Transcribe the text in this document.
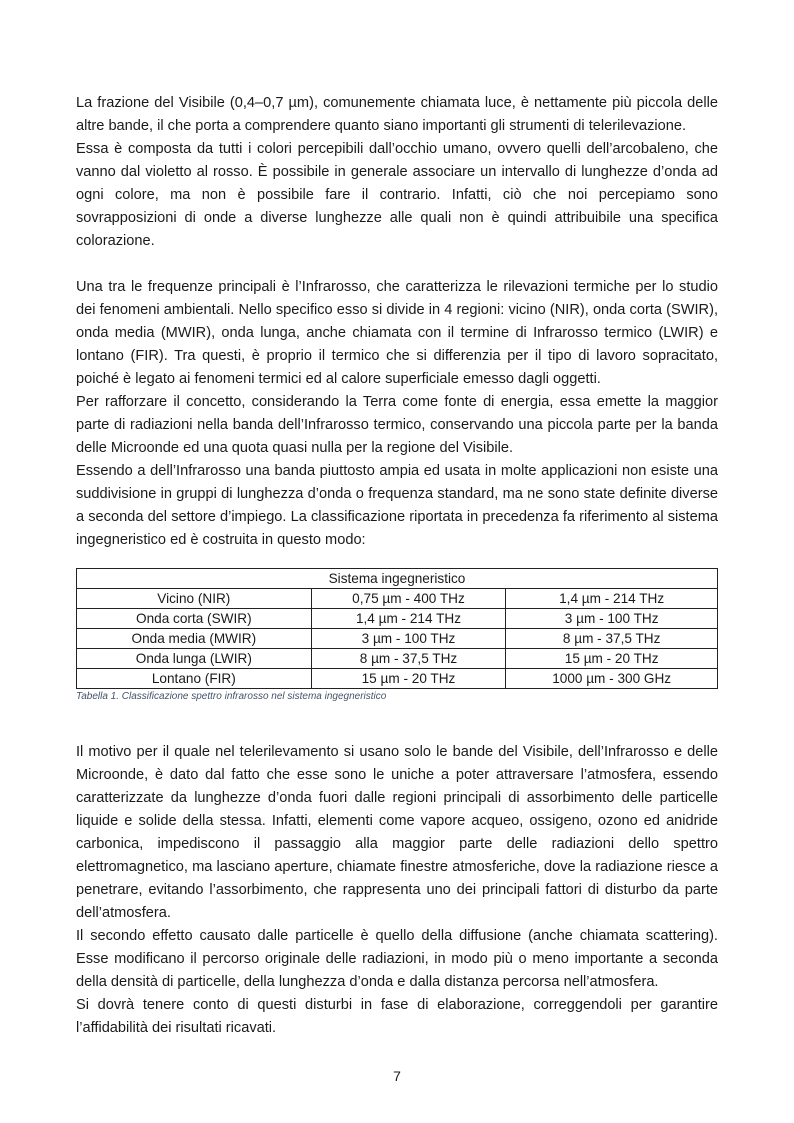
La frazione del Visibile (0,4–0,7 µm), comunemente chiamata luce, è nettamente più piccola delle altre bande, il che porta a comprendere quanto siano importanti gli strumenti di telerilevazione.

Essa è composta da tutti i colori percepibili dall’occhio umano, ovvero quelli dell’arcobaleno, che vanno dal violetto al rosso. È possibile in generale associare un intervallo di lunghezze d’onda ad ogni colore, ma non è possibile fare il contrario. Infatti, ciò che noi percepiamo sono sovrapposizioni di onde a diverse lunghezze alle quali non è quindi attribuibile una specifica colorazione.

Una tra le frequenze principali è l’Infrarosso, che caratterizza le rilevazioni termiche per lo studio dei fenomeni ambientali. Nello specifico esso si divide in 4 regioni: vicino (NIR), onda corta (SWIR), onda media (MWIR), onda lunga, anche chiamata con il termine di Infrarosso termico (LWIR) e lontano (FIR). Tra questi, è proprio il termico che si differenzia per il tipo di lavoro sopracitato, poiché è legato ai fenomeni termici ed al calore superficiale emesso dagli oggetti.

Per rafforzare il concetto, considerando la Terra come fonte di energia, essa emette la maggior parte di radiazioni nella banda dell’Infrarosso termico, conservando una piccola parte per la banda delle Microonde ed una quota quasi nulla per la regione del Visibile.

Essendo a dell’Infrarosso una banda piuttosto ampia ed usata in molte applicazioni non esiste una suddivisione in gruppi di lunghezza d’onda o frequenza standard, ma ne sono state definite diverse a seconda del settore d’impiego. La classificazione riportata in precedenza fa riferimento al sistema ingegneristico ed è costruita in questo modo:

Sistema ingegneristico		
Vicino (NIR)	0,75 µm - 400 THz	1,4 µm - 214 THz
Onda corta (SWIR)	1,4 µm - 214 THz	3 µm - 100 THz
Onda media (MWIR)	3 µm - 100 THz	8 µm - 37,5 THz
Onda lunga (LWIR)	8 µm - 37,5 THz	15 µm - 20 THz
Lontano (FIR)	15 µm - 20 THz	1000 µm - 300 GHz
Tabella 1. Classificazione spettro infrarosso nel sistema ingegneristico

Il motivo per il quale nel telerilevamento si usano solo le bande del Visibile, dell’Infrarosso e delle Microonde, è dato dal fatto che esse sono le uniche a poter attraversare l’atmosfera, essendo caratterizzate da lunghezze d’onda fuori dalle regioni principali di assorbimento delle particelle liquide e solide della stessa. Infatti, elementi come vapore acqueo, ossigeno, ozono ed anidride carbonica, impediscono il passaggio alla maggior parte delle radiazioni dello spettro elettromagnetico, ma lasciano aperture, chiamate finestre atmosferiche, dove la radiazione riesce a penetrare, evitando l’assorbimento, che rappresenta uno dei principali fattori di disturbo da parte dell’atmosfera.

Il secondo effetto causato dalle particelle è quello della diffusione (anche chiamata scattering). Esse modificano il percorso originale delle radiazioni, in modo più o meno importante a seconda della densità di particelle, della lunghezza d’onda e dalla distanza percorsa nell’atmosfera.

Si dovrà tenere conto di questi disturbi in fase di elaborazione, correggendoli per garantire l’affidabilità dei risultati ricavati.

7
